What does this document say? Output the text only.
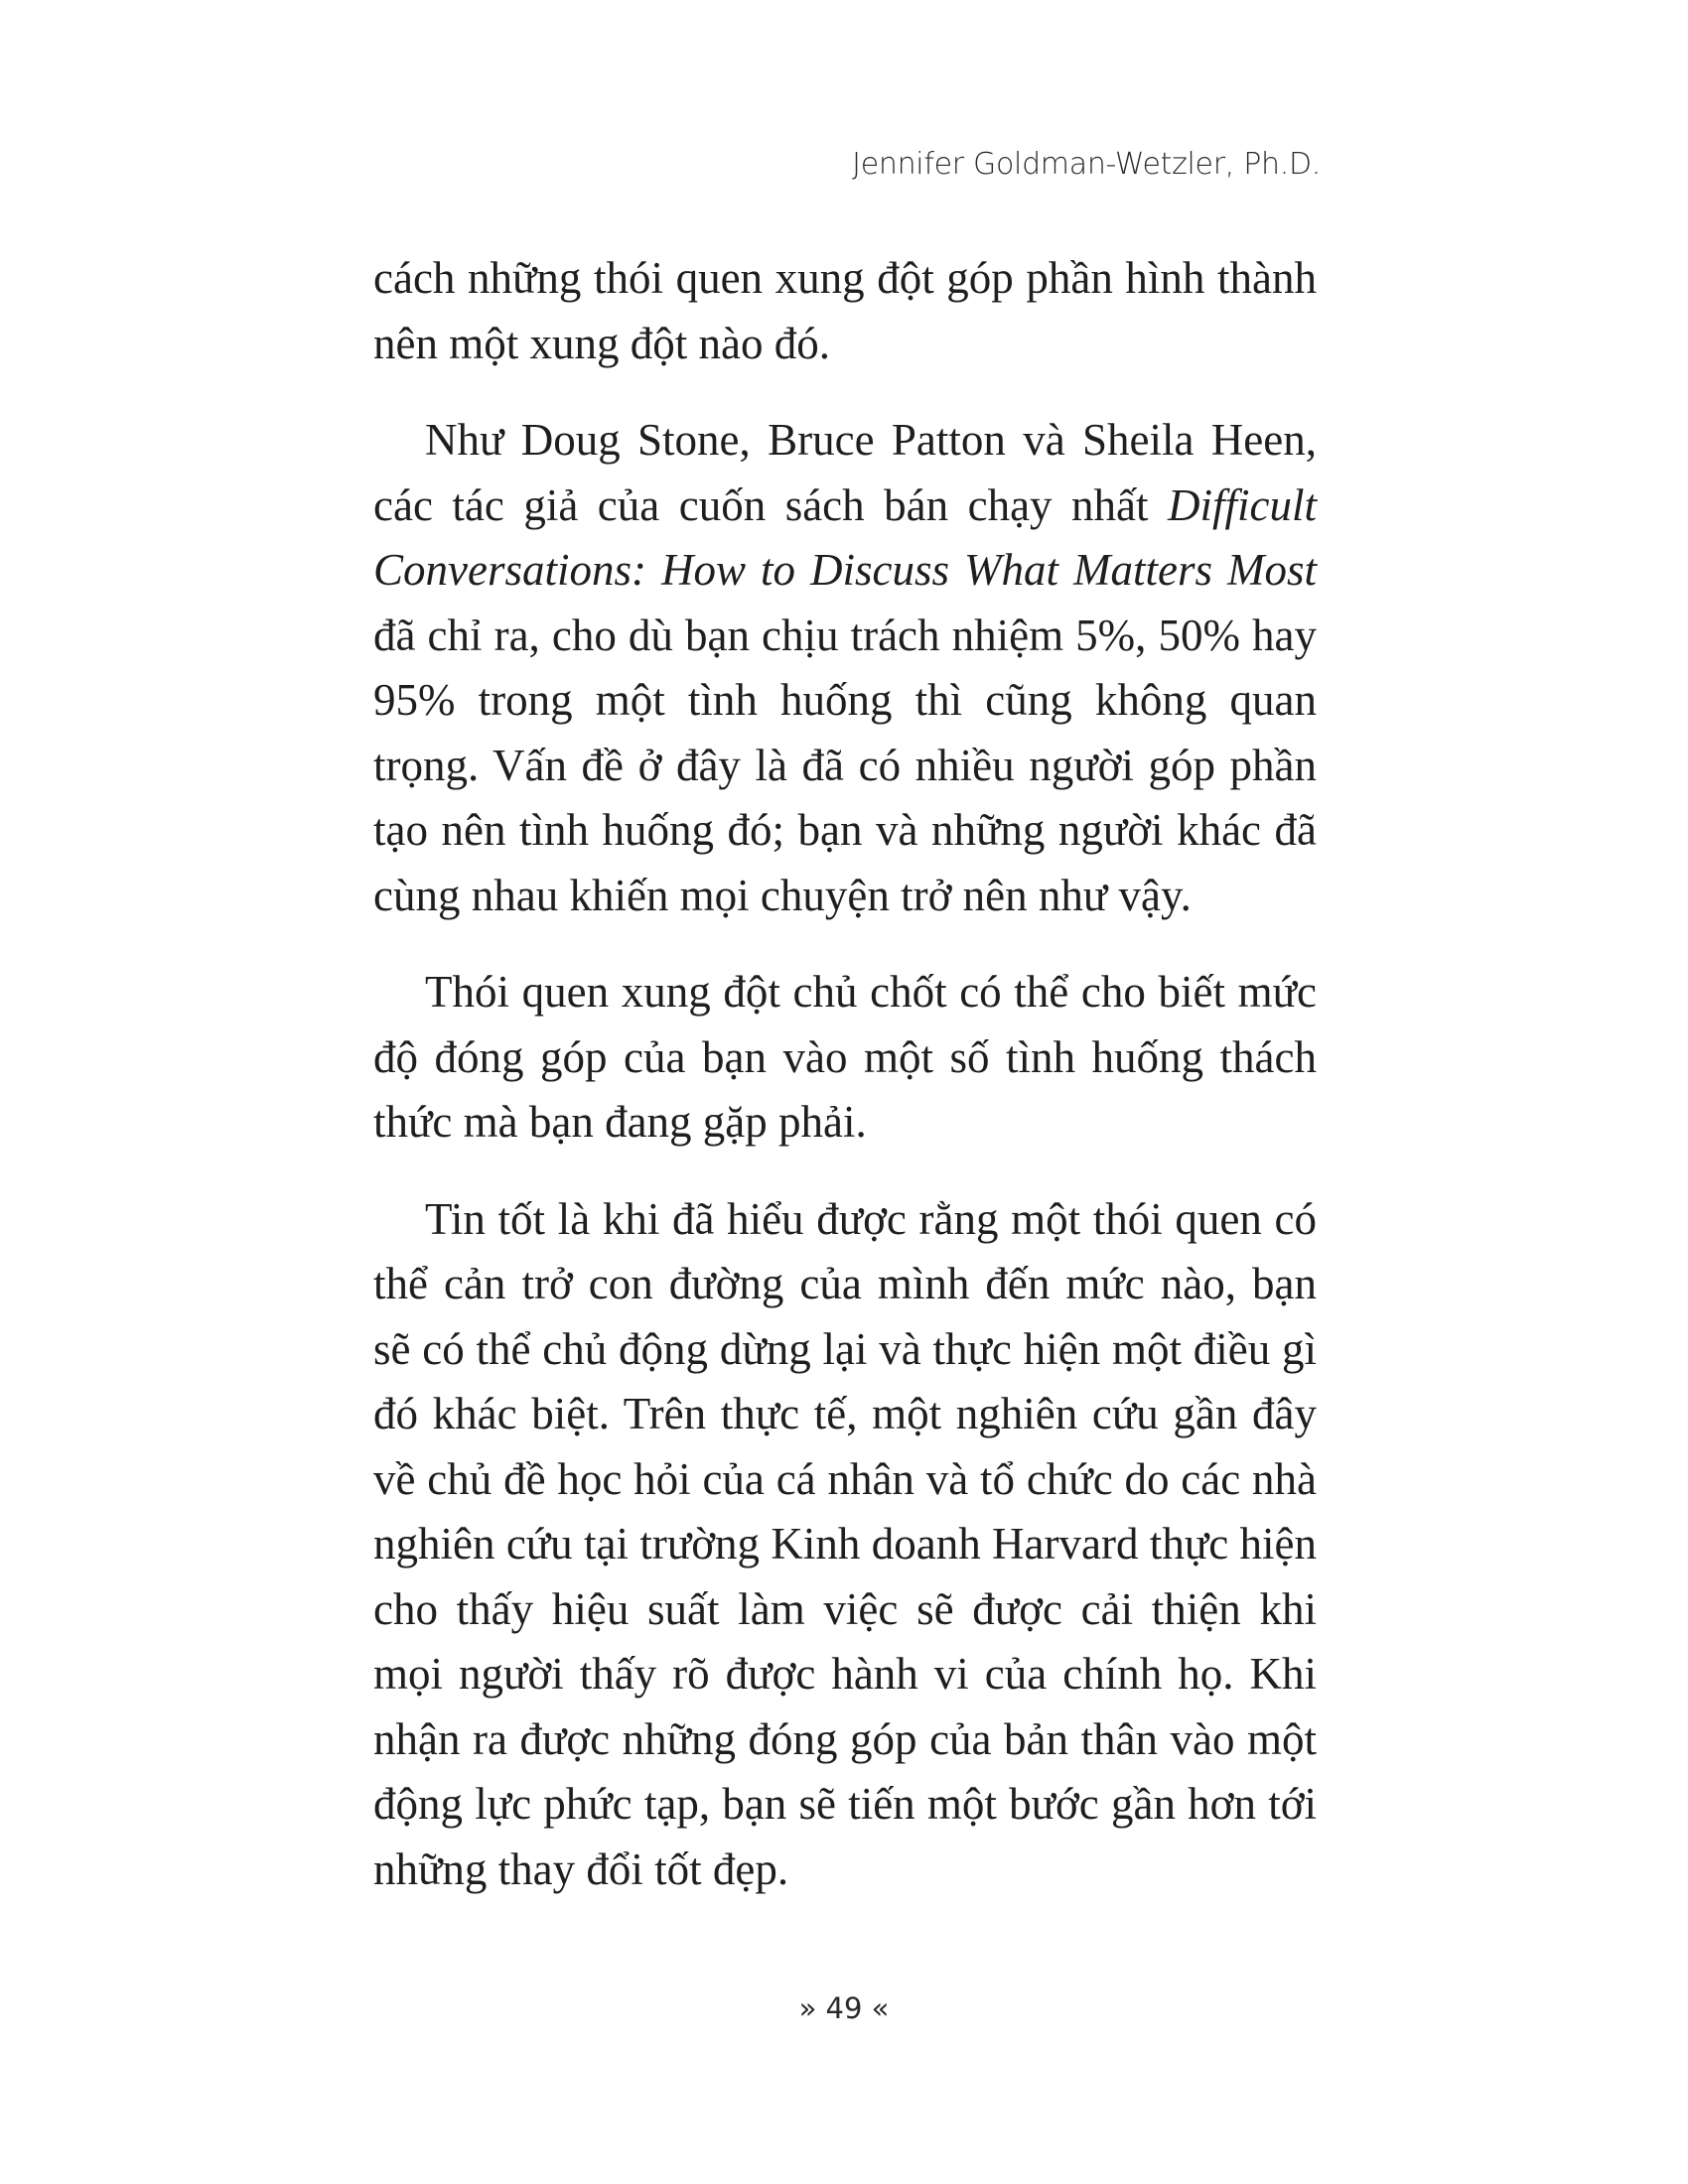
Jennifer Goldman-Wetzler, Ph.D.

cách những thói quen xung đột góp phần hình thành nên một xung đột nào đó.

Như Doug Stone, Bruce Patton và Sheila Heen, các tác giả của cuốn sách bán chạy nhất Difficult Conversations: How to Discuss What Matters Most đã chỉ ra, cho dù bạn chịu trách nhiệm 5%, 50% hay 95% trong một tình huống thì cũng không quan trọng. Vấn đề ở đây là đã có nhiều người góp phần tạo nên tình huống đó; bạn và những người khác đã cùng nhau khiến mọi chuyện trở nên như vậy.

Thói quen xung đột chủ chốt có thể cho biết mức độ đóng góp của bạn vào một số tình huống thách thức mà bạn đang gặp phải.

Tin tốt là khi đã hiểu được rằng một thói quen có thể cản trở con đường của mình đến mức nào, bạn sẽ có thể chủ động dừng lại và thực hiện một điều gì đó khác biệt. Trên thực tế, một nghiên cứu gần đây về chủ đề học hỏi của cá nhân và tổ chức do các nhà nghiên cứu tại trường Kinh doanh Harvard thực hiện cho thấy hiệu suất làm việc sẽ được cải thiện khi mọi người thấy rõ được hành vi của chính họ. Khi nhận ra được những đóng góp của bản thân vào một động lực phức tạp, bạn sẽ tiến một bước gần hơn tới những thay đổi tốt đẹp.

» 49 «
